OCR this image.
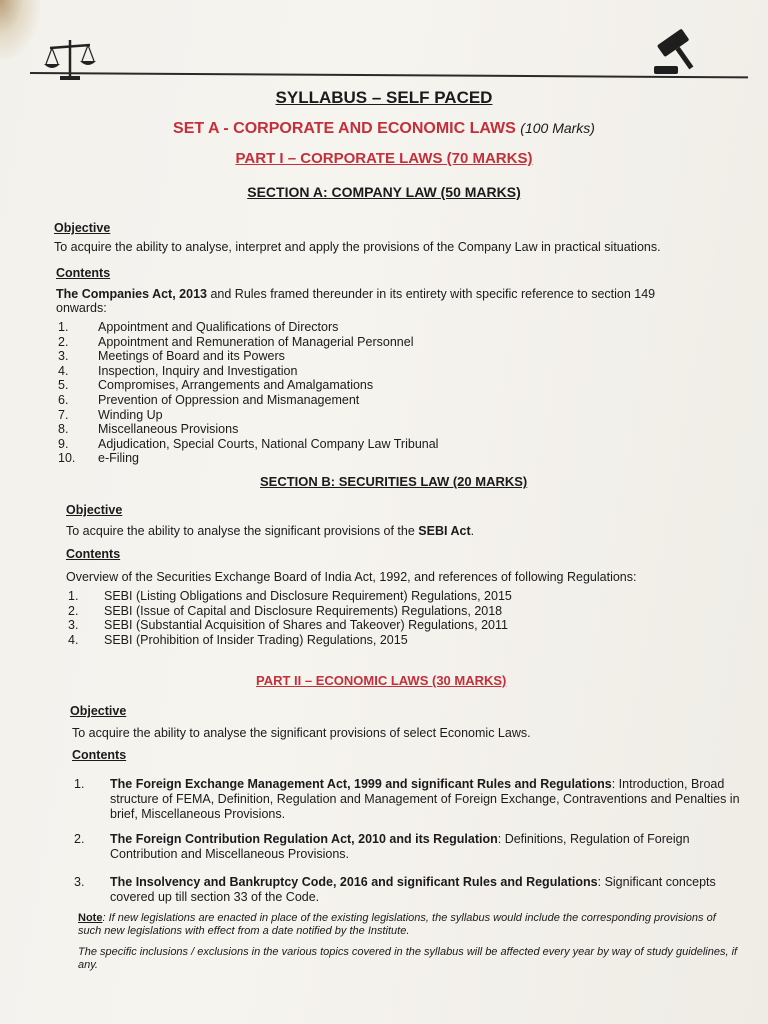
SYLLABUS – SELF PACED
SET A - CORPORATE AND ECONOMIC LAWS (100 Marks)
PART I – CORPORATE LAWS (70 MARKS)
SECTION A: COMPANY LAW (50 MARKS)
Objective
To acquire the ability to analyse, interpret and apply the provisions of the Company Law in practical situations.
Contents
The Companies Act, 2013 and Rules framed thereunder in its entirety with specific reference to section 149
onwards:
1.	Appointment and Qualifications of Directors
2.	Appointment and Remuneration of Managerial Personnel
3.	Meetings of Board and its Powers
4.	Inspection, Inquiry and Investigation
5.	Compromises, Arrangements and Amalgamations
6.	Prevention of Oppression and Mismanagement
7.	Winding Up
8.	Miscellaneous Provisions
9.	Adjudication, Special Courts, National Company Law Tribunal
10.	e-Filing
SECTION B: SECURITIES LAW (20 MARKS)
Objective
To acquire the ability to analyse the significant provisions of the SEBI Act.
Contents
Overview of the Securities Exchange Board of India Act, 1992, and references of following Regulations:
1.	SEBI (Listing Obligations and Disclosure Requirement) Regulations, 2015
2.	SEBI (Issue of Capital and Disclosure Requirements) Regulations, 2018
3.	SEBI (Substantial Acquisition of Shares and Takeover) Regulations, 2011
4.	SEBI (Prohibition of Insider Trading) Regulations, 2015
PART II – ECONOMIC LAWS (30 MARKS)
Objective
To acquire the ability to analyse the significant provisions of select Economic Laws.
Contents
1. The Foreign Exchange Management Act, 1999 and significant Rules and Regulations: Introduction, Broad structure of FEMA, Definition, Regulation and Management of Foreign Exchange, Contraventions and Penalties in brief, Miscellaneous Provisions.
2. The Foreign Contribution Regulation Act, 2010 and its Regulation: Definitions, Regulation of Foreign Contribution and Miscellaneous Provisions.
3. The Insolvency and Bankruptcy Code, 2016 and significant Rules and Regulations: Significant concepts covered up till section 33 of the Code.
Note: If new legislations are enacted in place of the existing legislations, the syllabus would include the corresponding provisions of such new legislations with effect from a date notified by the Institute.
The specific inclusions / exclusions in the various topics covered in the syllabus will be affected every year by way of study guidelines, if any.
